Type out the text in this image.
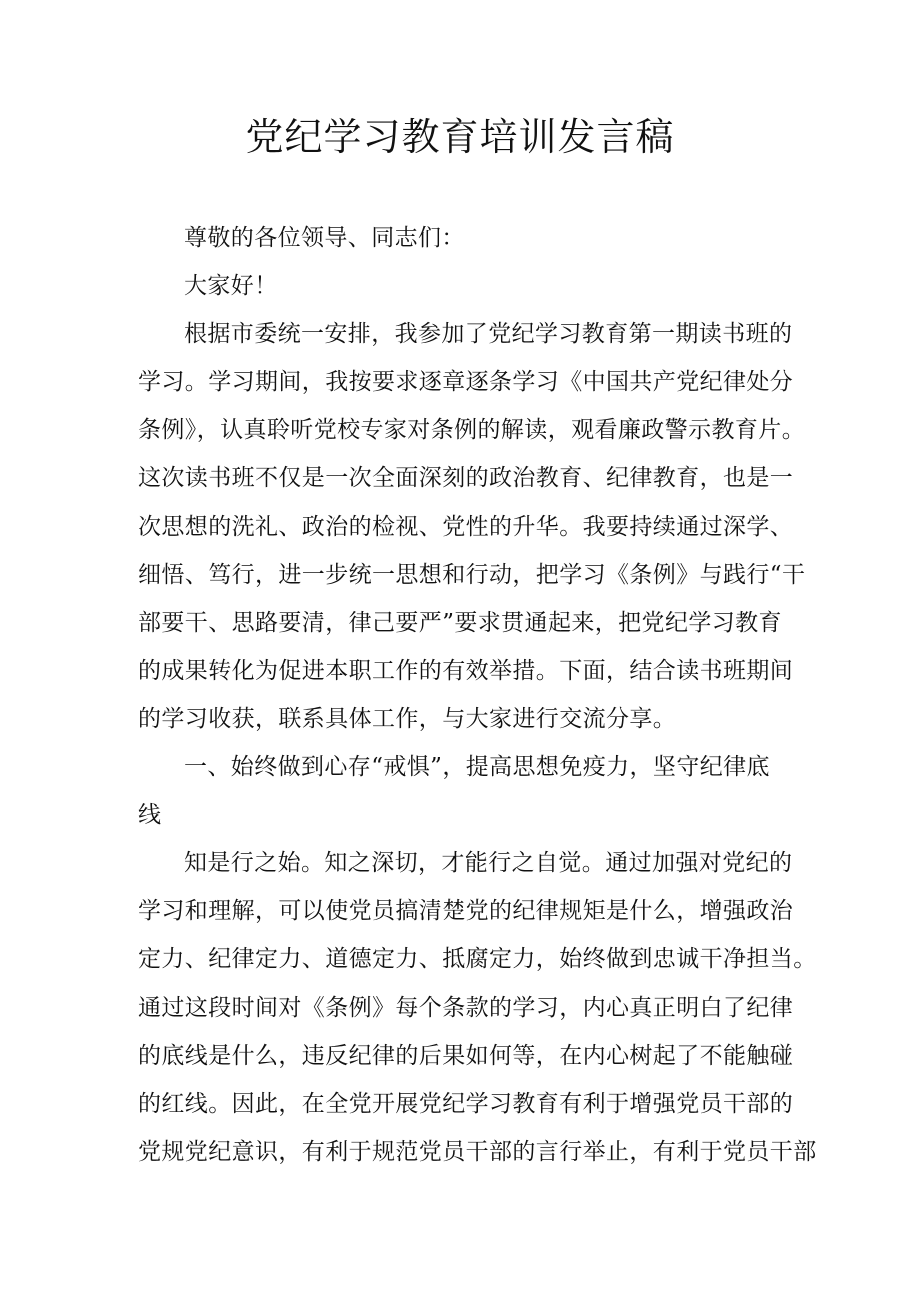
党纪学习教育培训发言稿
尊敬的各位领导、同志们：
大家好！
根据市委统一安排，我参加了党纪学习教育第一期读书班的
学习。学习期间，我按要求逐章逐条学习《中国共产党纪律处分
条例》，认真聆听党校专家对条例的解读，观看廉政警示教育片。
这次读书班不仅是一次全面深刻的政治教育、纪律教育，也是一
次思想的洗礼、政治的检视、党性的升华。我要持续通过深学、
细悟、笃行，进一步统一思想和行动，把学习《条例》与践行“干
部要干、思路要清，律己要严”要求贯通起来，把党纪学习教育
的成果转化为促进本职工作的有效举措。下面，结合读书班期间
的学习收获，联系具体工作，与大家进行交流分享。
一、始终做到心存“戒惧”，提高思想免疫力，坚守纪律底
线
知是行之始。知之深切，才能行之自觉。通过加强对党纪的
学习和理解，可以使党员搞清楚党的纪律规矩是什么，增强政治
定力、纪律定力、道德定力、抵腐定力，始终做到忠诚干净担当。
通过这段时间对《条例》每个条款的学习，内心真正明白了纪律
的底线是什么，违反纪律的后果如何等，在内心树起了不能触碰
的红线。因此，在全党开展党纪学习教育有利于增强党员干部的
党规党纪意识，有利于规范党员干部的言行举止，有利于党员干部
